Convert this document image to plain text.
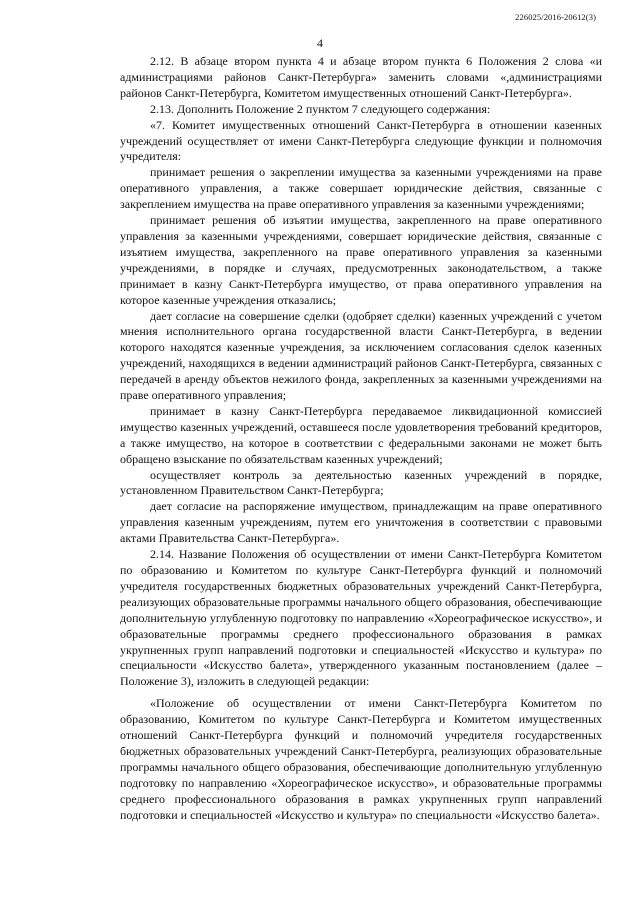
226025/2016-20612(3)
4

2.12. В абзаце втором пункта 4 и абзаце втором пункта 6 Положения 2 слова «и администрациями районов Санкт-Петербурга» заменить словами «,администрациями районов Санкт-Петербурга, Комитетом имущественных отношений Санкт-Петербурга».

2.13. Дополнить Положение 2 пунктом 7 следующего содержания:

«7. Комитет имущественных отношений Санкт-Петербурга в отношении казенных учреждений осуществляет от имени Санкт-Петербурга следующие функции и полномочия учредителя:

принимает решения о закреплении имущества за казенными учреждениями на праве оперативного управления, а также совершает юридические действия, связанные с закреплением имущества на праве оперативного управления за казенными учреждениями;

принимает решения об изъятии имущества, закрепленного на праве оперативного управления за казенными учреждениями, совершает юридические действия, связанные с изъятием имущества, закрепленного на праве оперативного управления за казенными учреждениями, в порядке и случаях, предусмотренных законодательством, а также принимает в казну Санкт-Петербурга имущество, от права оперативного управления на которое казенные учреждения отказались;

дает согласие на совершение сделки (одобряет сделки) казенных учреждений с учетом мнения исполнительного органа государственной власти Санкт-Петербурга, в ведении которого находятся казенные учреждения, за исключением согласования сделок казенных учреждений, находящихся в ведении администраций районов Санкт-Петербурга, связанных с передачей в аренду объектов нежилого фонда, закрепленных за казенными учреждениями на праве оперативного управления;

принимает в казну Санкт-Петербурга передаваемое ликвидационной комиссией имущество казенных учреждений, оставшееся после удовлетворения требований кредиторов, а также имущество, на которое в соответствии с федеральными законами не может быть обращено взыскание по обязательствам казенных учреждений;

осуществляет контроль за деятельностью казенных учреждений в порядке, установленном Правительством Санкт-Петербурга;

дает согласие на распоряжение имуществом, принадлежащим на праве оперативного управления казенным учреждениям, путем его уничтожения в соответствии с правовыми актами Правительства Санкт-Петербурга».

2.14. Название Положения об осуществлении от имени Санкт-Петербурга Комитетом по образованию и Комитетом по культуре Санкт-Петербурга функций и полномочий учредителя государственных бюджетных образовательных учреждений Санкт-Петербурга, реализующих образовательные программы начального общего образования, обеспечивающие дополнительную углубленную подготовку по направлению «Хореографическое искусство», и образовательные программы среднего профессионального образования в рамках укрупненных групп направлений подготовки и специальностей «Искусство и культура» по специальности «Искусство балета», утвержденного указанным постановлением (далее – Положение 3), изложить в следующей редакции:

«Положение об осуществлении от имени Санкт-Петербурга Комитетом по образованию, Комитетом по культуре Санкт-Петербурга и Комитетом имущественных отношений Санкт-Петербурга функций и полномочий учредителя государственных бюджетных образовательных учреждений Санкт-Петербурга, реализующих образовательные программы начального общего образования, обеспечивающие дополнительную углубленную подготовку по направлению «Хореографическое искусство», и образовательные программы среднего профессионального образования в рамках укрупненных групп направлений подготовки и специальностей «Искусство и культура» по специальности «Искусство балета».
